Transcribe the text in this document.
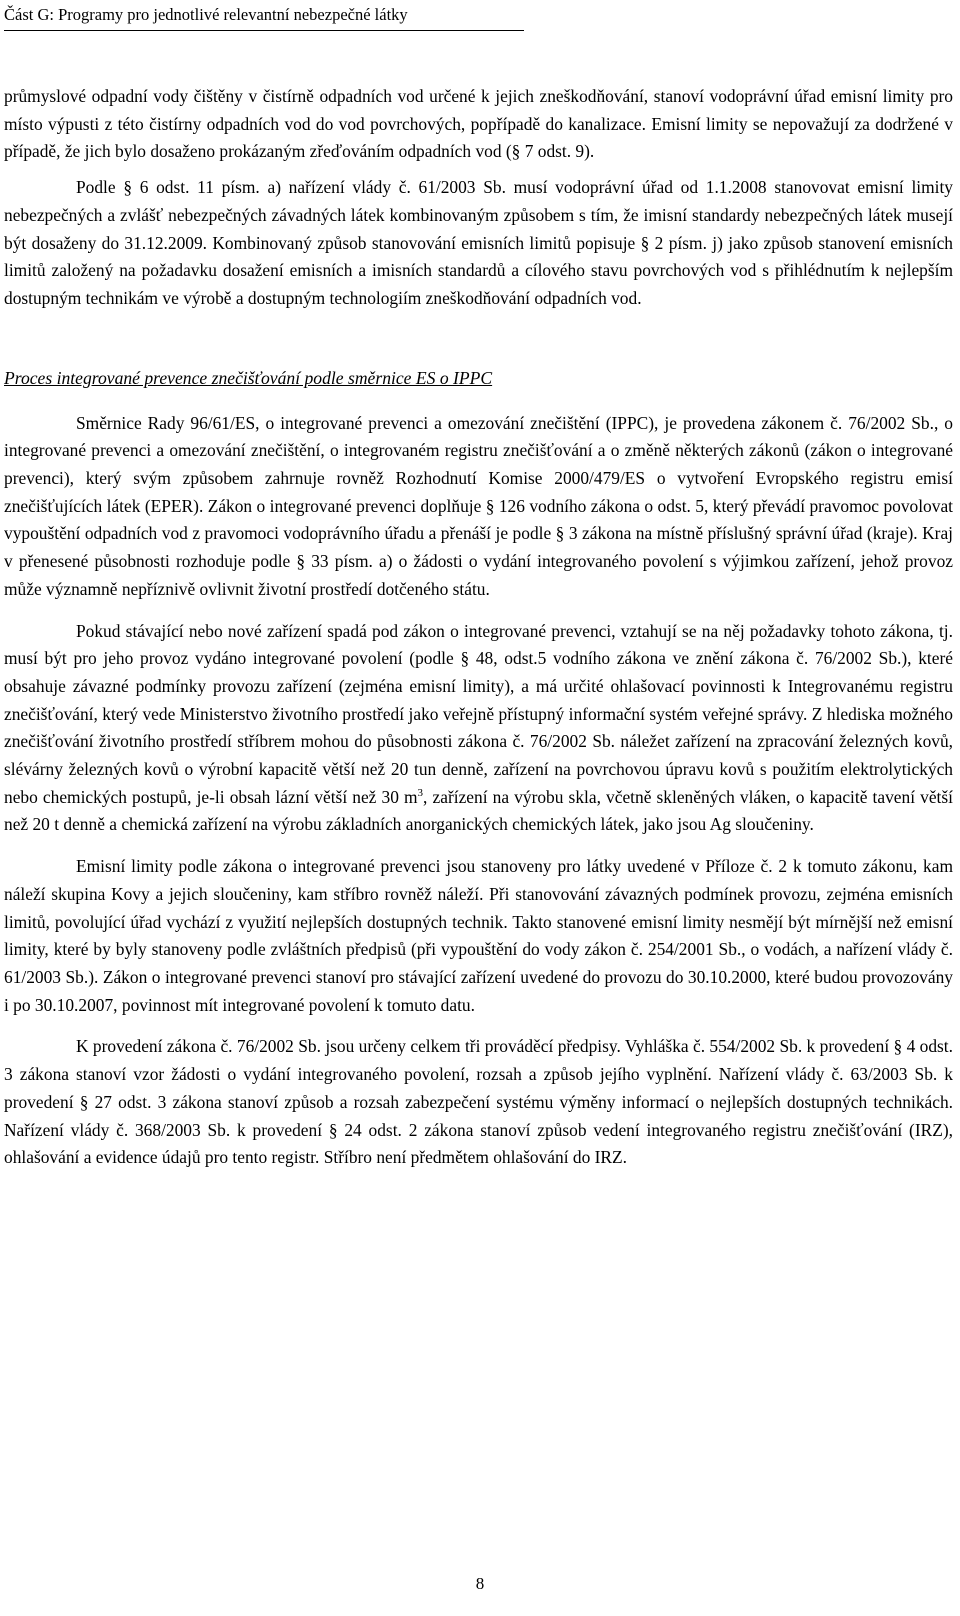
Část G: Programy pro jednotlivé relevantní nebezpečné látky

průmyslové odpadní vody čištěny v čistírně odpadních vod určené k jejich zneškodňování, stanoví vodoprávní úřad emisní limity pro místo výpusti z této čistírny odpadních vod do vod povrchových, popřípadě do kanalizace. Emisní limity se nepovažují za dodržené v případě, že jich bylo dosaženo prokázaným zřeďováním odpadních vod (§ 7 odst. 9).

Podle § 6 odst. 11 písm. a) nařízení vlády č. 61/2003 Sb. musí vodoprávní úřad od 1.1.2008 stanovovat emisní limity nebezpečných a zvlášť nebezpečných závadných látek kombinovaným způsobem s tím, že imisní standardy nebezpečných látek musejí být dosaženy do 31.12.2009. Kombinovaný způsob stanovování emisních limitů popisuje § 2 písm. j) jako způsob stanovení emisních limitů založený na požadavku dosažení emisních a imisních standardů a cílového stavu povrchových vod s přihlédnutím k nejlepším dostupným technikám ve výrobě a dostupným technologiím zneškodňování odpadních vod.

Proces integrované prevence znečišťování podle směrnice ES o IPPC

Směrnice Rady 96/61/ES, o integrované prevenci a omezování znečištění (IPPC), je provedena zákonem č. 76/2002 Sb., o integrované prevenci a omezování znečištění, o integrovaném registru znečišťování a o změně některých zákonů (zákon o integrované prevenci), který svým způsobem zahrnuje rovněž Rozhodnutí Komise 2000/479/ES o vytvoření Evropského registru emisí znečišťujících látek (EPER). Zákon o integrované prevenci doplňuje § 126 vodního zákona o odst. 5, který převádí pravomoc povolovat vypouštění odpadních vod z pravomoci vodoprávního úřadu a přenáší je podle § 3 zákona na místně příslušný správní úřad (kraje). Kraj v přenesené působnosti rozhoduje podle § 33 písm. a) o žádosti o vydání integrovaného povolení s výjimkou zařízení, jehož provoz může významně nepříznivě ovlivnit životní prostředí dotčeného státu.

Pokud stávající nebo nové zařízení spadá pod zákon o integrované prevenci, vztahují se na něj požadavky tohoto zákona, tj. musí být pro jeho provoz vydáno integrované povolení (podle § 48, odst.5 vodního zákona ve znění zákona č. 76/2002 Sb.), které obsahuje závazné podmínky provozu zařízení (zejména emisní limity), a má určité ohlašovací povinnosti k Integrovanému registru znečišťování, který vede Ministerstvo životního prostředí jako veřejně přístupný informační systém veřejné správy. Z hlediska možného znečišťování životního prostředí stříbrem mohou do působnosti zákona č. 76/2002 Sb. náležet zařízení na zpracování železných kovů, slévárny železných kovů o výrobní kapacitě větší než 20 tun denně, zařízení na povrchovou úpravu kovů s použitím elektrolytických nebo chemických postupů, je-li obsah lázní větší než 30 $m^3$, zařízení na výrobu skla, včetně skleněných vláken, o kapacitě tavení větší než 20 t denně a chemická zařízení na výrobu základních anorganických chemických látek, jako jsou Ag sloučeniny.

Emisní limity podle zákona o integrované prevenci jsou stanoveny pro látky uvedené v Příloze č. 2 k tomuto zákonu, kam náleží skupina Kovy a jejich sloučeniny, kam stříbro rovněž náleží. Při stanovování závazných podmínek provozu, zejména emisních limitů, povolující úřad vychází z využití nejlepších dostupných technik. Takto stanovené emisní limity nesmějí být mírnější než emisní limity, které by byly stanoveny podle zvláštních předpisů (při vypouštění do vody zákon č. 254/2001 Sb., o vodách, a nařízení vlády č. 61/2003 Sb.). Zákon o integrované prevenci stanoví pro stávající zařízení uvedené do provozu do 30.10.2000, které budou provozovány i po 30.10.2007, povinnost mít integrované povolení k tomuto datu.

K provedení zákona č. 76/2002 Sb. jsou určeny celkem tři prováděcí předpisy. Vyhláška č. 554/2002 Sb. k provedení § 4 odst. 3 zákona stanoví vzor žádosti o vydání integrovaného povolení, rozsah a způsob jejího vyplnění. Nařízení vlády č. 63/2003 Sb. k provedení § 27 odst. 3 zákona stanoví způsob a rozsah zabezpečení systému výměny informací o nejlepších dostupných technikách. Nařízení vlády č. 368/2003 Sb. k provedení § 24 odst. 2 zákona stanoví způsob vedení integrovaného registru znečišťování (IRZ), ohlašování a evidence údajů pro tento registr. Stříbro není předmětem ohlašování do IRZ.

8
